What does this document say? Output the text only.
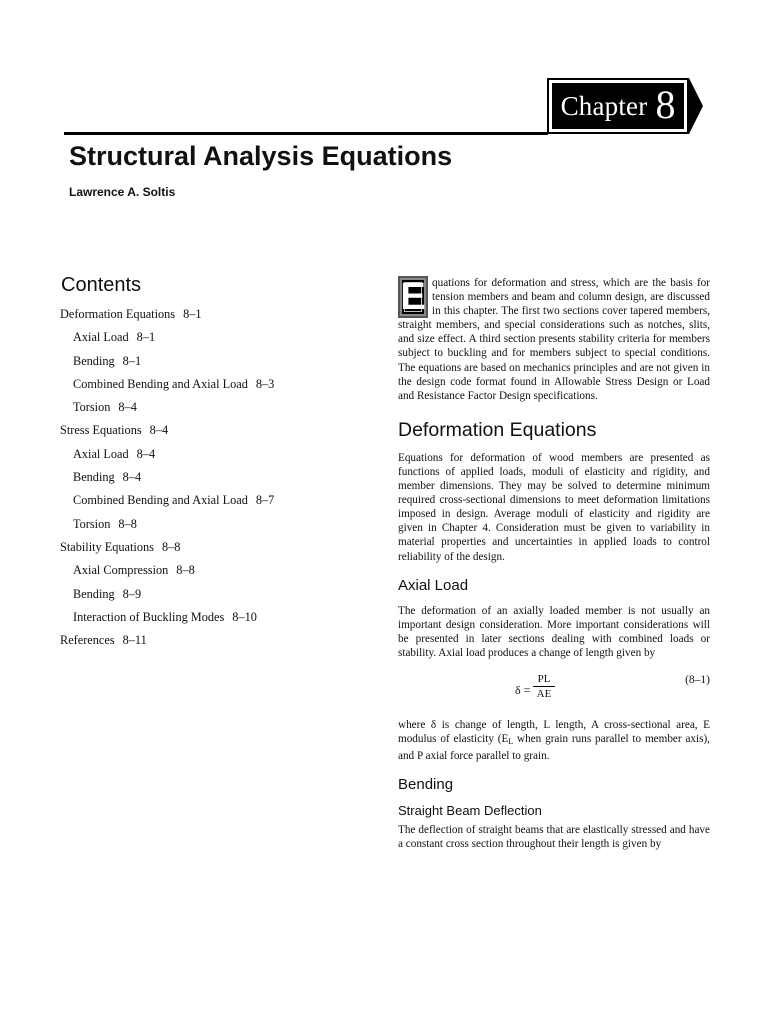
Chapter 8
Structural Analysis Equations
Lawrence A. Soltis
Contents
Deformation Equations 8–1
Axial Load 8–1
Bending 8–1
Combined Bending and Axial Load 8–3
Torsion 8–4
Stress Equations 8–4
Axial Load 8–4
Bending 8–4
Combined Bending and Axial Load 8–7
Torsion 8–8
Stability Equations 8–8
Axial Compression 8–8
Bending 8–9
Interaction of Buckling Modes 8–10
References 8–11
E quations for deformation and stress, which are the basis for tension members and beam and column design, are discussed in this chapter. The first two sections cover tapered members, straight members, and special considerations such as notches, slits, and size effect. A third section presents stability criteria for members subject to buckling and for members subject to special conditions. The equations are based on mechanics principles and are not given in the design code format found in Allowable Stress Design or Load and Resistance Factor Design specifications.

Deformation Equations

Equations for deformation of wood members are presented as functions of applied loads, moduli of elasticity and rigidity, and member dimensions. They may be solved to determine minimum required cross-sectional dimensions to meet deformation limitations imposed in design. Average moduli of elasticity and rigidity are given in Chapter 4. Consideration must be given to variability in material properties and uncertainties in applied loads to control reliability of the design.

Axial Load

The deformation of an axially loaded member is not usually an important design consideration. More important considerations will be presented in later sections dealing with combined loads or stability. Axial load produces a change of length given by

$\delta = \frac{PL}{AE}$	(8–1)

where δ is change of length, L length, A cross-sectional area, E modulus of elasticity ($E_L$ when grain runs parallel to member axis), and P axial force parallel to grain.

Bending
Straight Beam Deflection

The deflection of straight beams that are elastically stressed and have a constant cross section throughout their length is given by
